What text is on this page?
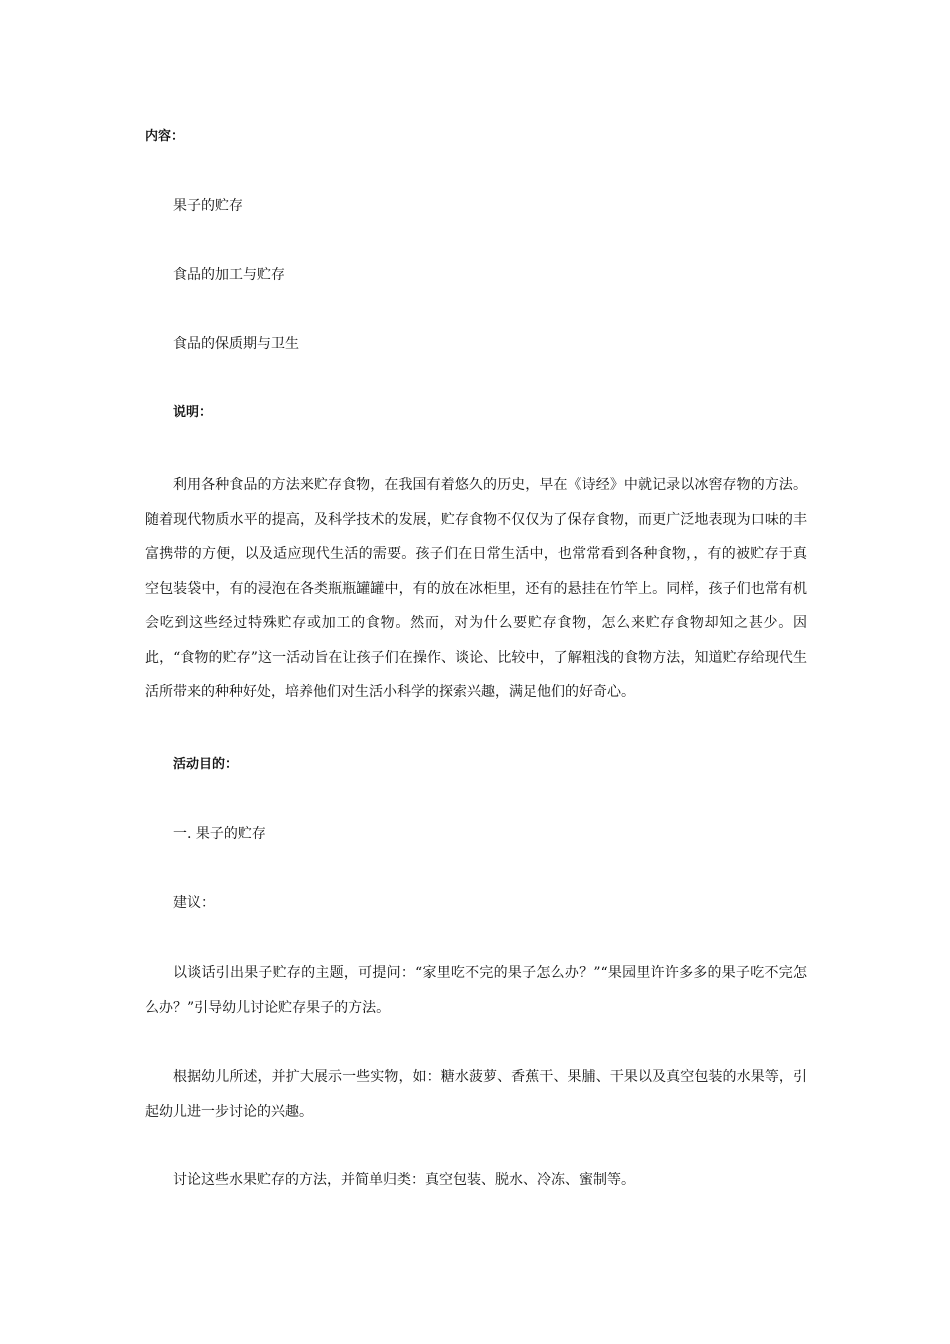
内容：
果子的贮存
食品的加工与贮存
食品的保质期与卫生
说明：
利用各种食品的方法来贮存食物，在我国有着悠久的历史，早在《诗经》中就记录以冰窖存物的方法。随着现代物质水平的提高，及科学技术的发展，贮存食物不仅仅为了保存食物，而更广泛地表现为口味的丰富携带的方便，以及适应现代生活的需要。孩子们在日常生活中，也常常看到各种食物，，有的被贮存于真空包装袋中，有的浸泡在各类瓶瓶罐罐中，有的放在冰柜里，还有的悬挂在竹竿上。同样，孩子们也常有机会吃到这些经过特殊贮存或加工的食物。然而，对为什么要贮存食物，怎么来贮存食物却知之甚少。因此，“食物的贮存”这一活动旨在让孩子们在操作、谈论、比较中，了解粗浅的食物方法，知道贮存给现代生活所带来的种种好处，培养他们对生活小科学的探索兴趣，满足他们的好奇心。
活动目的：
一. 果子的贮存
建议：
以谈话引出果子贮存的主题，可提问：“家里吃不完的果子怎么办？”“果园里许许多多的果子吃不完怎么办？”引导幼儿讨论贮存果子的方法。
根据幼儿所述，并扩大展示一些实物，如：糖水菠萝、香蕉干、果脯、干果以及真空包装的水果等，引起幼儿进一步讨论的兴趣。
讨论这些水果贮存的方法，并简单归类：真空包装、脱水、冷冻、蜜制等。
